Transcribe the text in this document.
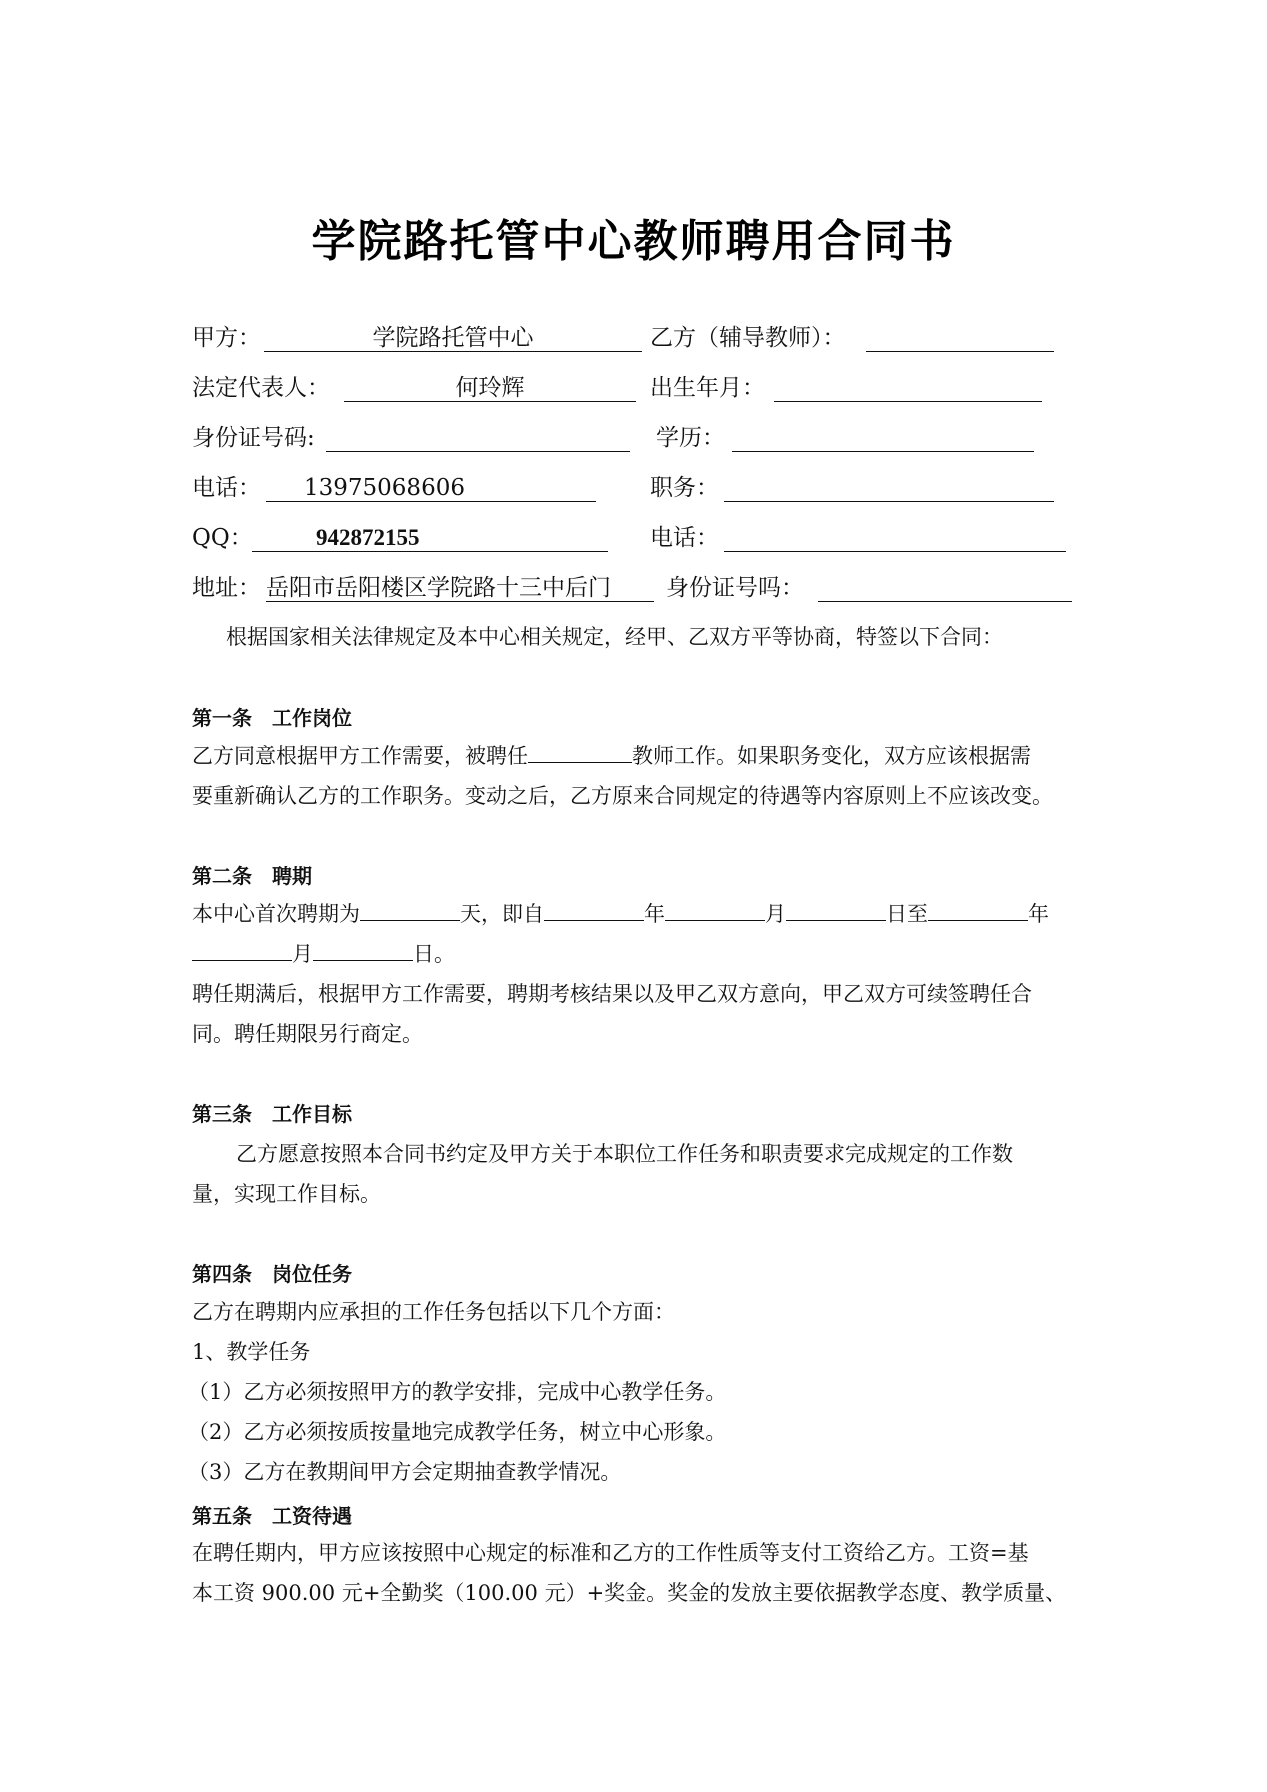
学院路托管中心教师聘用合同书
甲方：	学院路托管中心	乙方（辅导教师）：
法定代表人：	何玲辉	出生年月：
身份证号码:	学历：
电话：	13975068606	职务：
QQ：	942872155	电话：
地址： 岳阳市岳阳楼区学院路十三中后门	身份证号吗：
根据国家相关法律规定及本中心相关规定，经甲、乙双方平等协商，特签以下合同：
第一条　工作岗位
乙方同意根据甲方工作需要，被聘任	教师工作。如果职务变化，双方应该根据需
要重新确认乙方的工作职务。变动之后，乙方原来合同规定的待遇等内容原则上不应该改变。
第二条　聘期
本中心首次聘期为	天，即自	年	月	日至	年
月	日。
聘任期满后，根据甲方工作需要，聘期考核结果以及甲乙双方意向，甲乙双方可续签聘任合
同。聘任期限另行商定。
第三条　工作目标
乙方愿意按照本合同书约定及甲方关于本职位工作任务和职责要求完成规定的工作数
量，实现工作目标。
第四条　岗位任务
乙方在聘期内应承担的工作任务包括以下几个方面：
1、教学任务
（1）乙方必须按照甲方的教学安排，完成中心教学任务。
（2）乙方必须按质按量地完成教学任务，树立中心形象。
（3）乙方在教期间甲方会定期抽查教学情况。
第五条　工资待遇
在聘任期内，甲方应该按照中心规定的标准和乙方的工作性质等支付工资给乙方。工资=基
本工资 900.00 元+全勤奖（100.00 元）+奖金。奖金的发放主要依据教学态度、教学质量、
